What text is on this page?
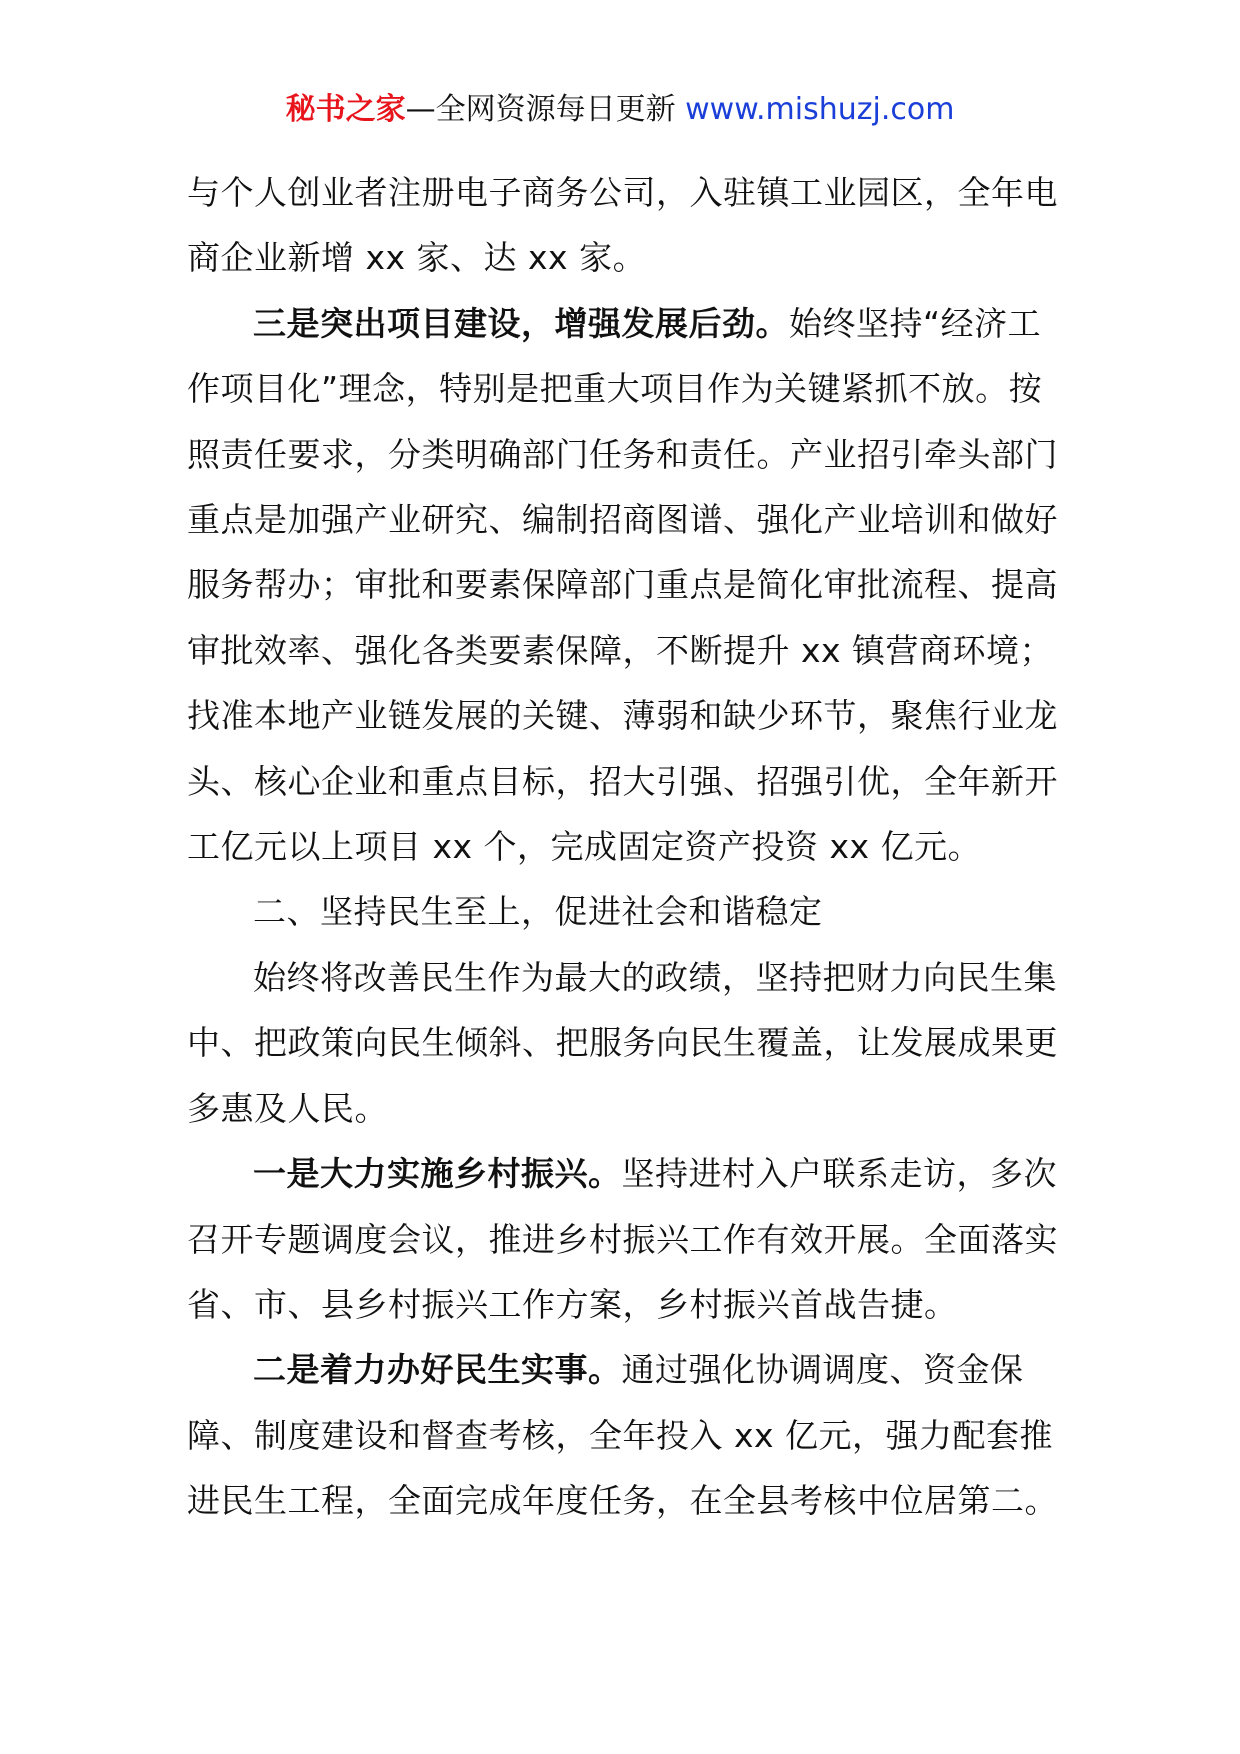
秘书之家—全网资源每日更新 www.mishuzj.com

与个人创业者注册电子商务公司，入驻镇工业园区，全年电商企业新增 xx 家、达 xx 家。

三是突出项目建设，增强发展后劲。始终坚持“经济工作项目化”理念，特别是把重大项目作为关键紧抓不放。按照责任要求，分类明确部门任务和责任。产业招引牵头部门重点是加强产业研究、编制招商图谱、强化产业培训和做好服务帮办；审批和要素保障部门重点是简化审批流程、提高审批效率、强化各类要素保障，不断提升 xx 镇营商环境；找准本地产业链发展的关键、薄弱和缺少环节，聚焦行业龙头、核心企业和重点目标，招大引强、招强引优，全年新开工亿元以上项目 xx 个，完成固定资产投资 xx 亿元。

二、坚持民生至上，促进社会和谐稳定

始终将改善民生作为最大的政绩，坚持把财力向民生集中、把政策向民生倾斜、把服务向民生覆盖，让发展成果更多惠及人民。

一是大力实施乡村振兴。坚持进村入户联系走访，多次召开专题调度会议，推进乡村振兴工作有效开展。全面落实省、市、县乡村振兴工作方案，乡村振兴首战告捷。

二是着力办好民生实事。通过强化协调调度、资金保障、制度建设和督查考核，全年投入 xx 亿元，强力配套推进民生工程，全面完成年度任务，在全县考核中位居第二。
